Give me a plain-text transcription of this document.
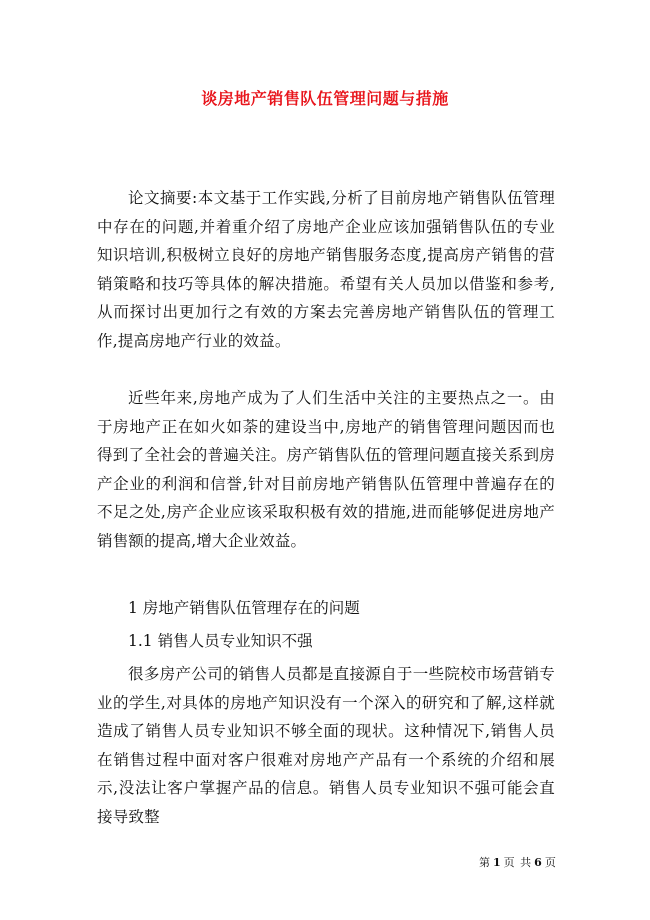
谈房地产销售队伍管理问题与措施
论文摘要:本文基于工作实践,分析了目前房地产销售队伍管理中存在的问题,并着重介绍了房地产企业应该加强销售队伍的专业知识培训,积极树立良好的房地产销售服务态度,提高房产销售的营销策略和技巧等具体的解决措施。希望有关人员加以借鉴和参考,从而探讨出更加行之有效的方案去完善房地产销售队伍的管理工作,提高房地产行业的效益。
近些年来,房地产成为了人们生活中关注的主要热点之一。由于房地产正在如火如荼的建设当中,房地产的销售管理问题因而也得到了全社会的普遍关注。房产销售队伍的管理问题直接关系到房产企业的利润和信誉,针对目前房地产销售队伍管理中普遍存在的不足之处,房产企业应该采取积极有效的措施,进而能够促进房地产销售额的提高,增大企业效益。
1 房地产销售队伍管理存在的问题
1.1 销售人员专业知识不强
很多房产公司的销售人员都是直接源自于一些院校市场营销专业的学生,对具体的房地产知识没有一个深入的研究和了解,这样就造成了销售人员专业知识不够全面的现状。这种情况下,销售人员在销售过程中面对客户很难对房地产产品有一个系统的介绍和展示,没法让客户掌握产品的信息。销售人员专业知识不强可能会直接导致整
第 1 页 共 6 页
